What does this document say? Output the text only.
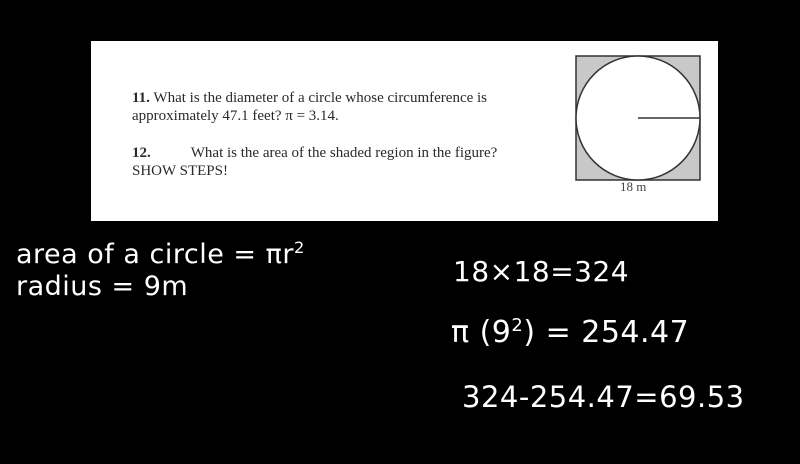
11. What is the diameter of a circle whose circumference is
approximately 47.1 feet? π = 3.14.

12.	What is the area of the shaded region in the figure?
SHOW STEPS!

18 m
area of a circle = $\pi r^2$
radius = 9m	18×18=324
π $(9^2) = 254.47$
324-254.47=69.53
